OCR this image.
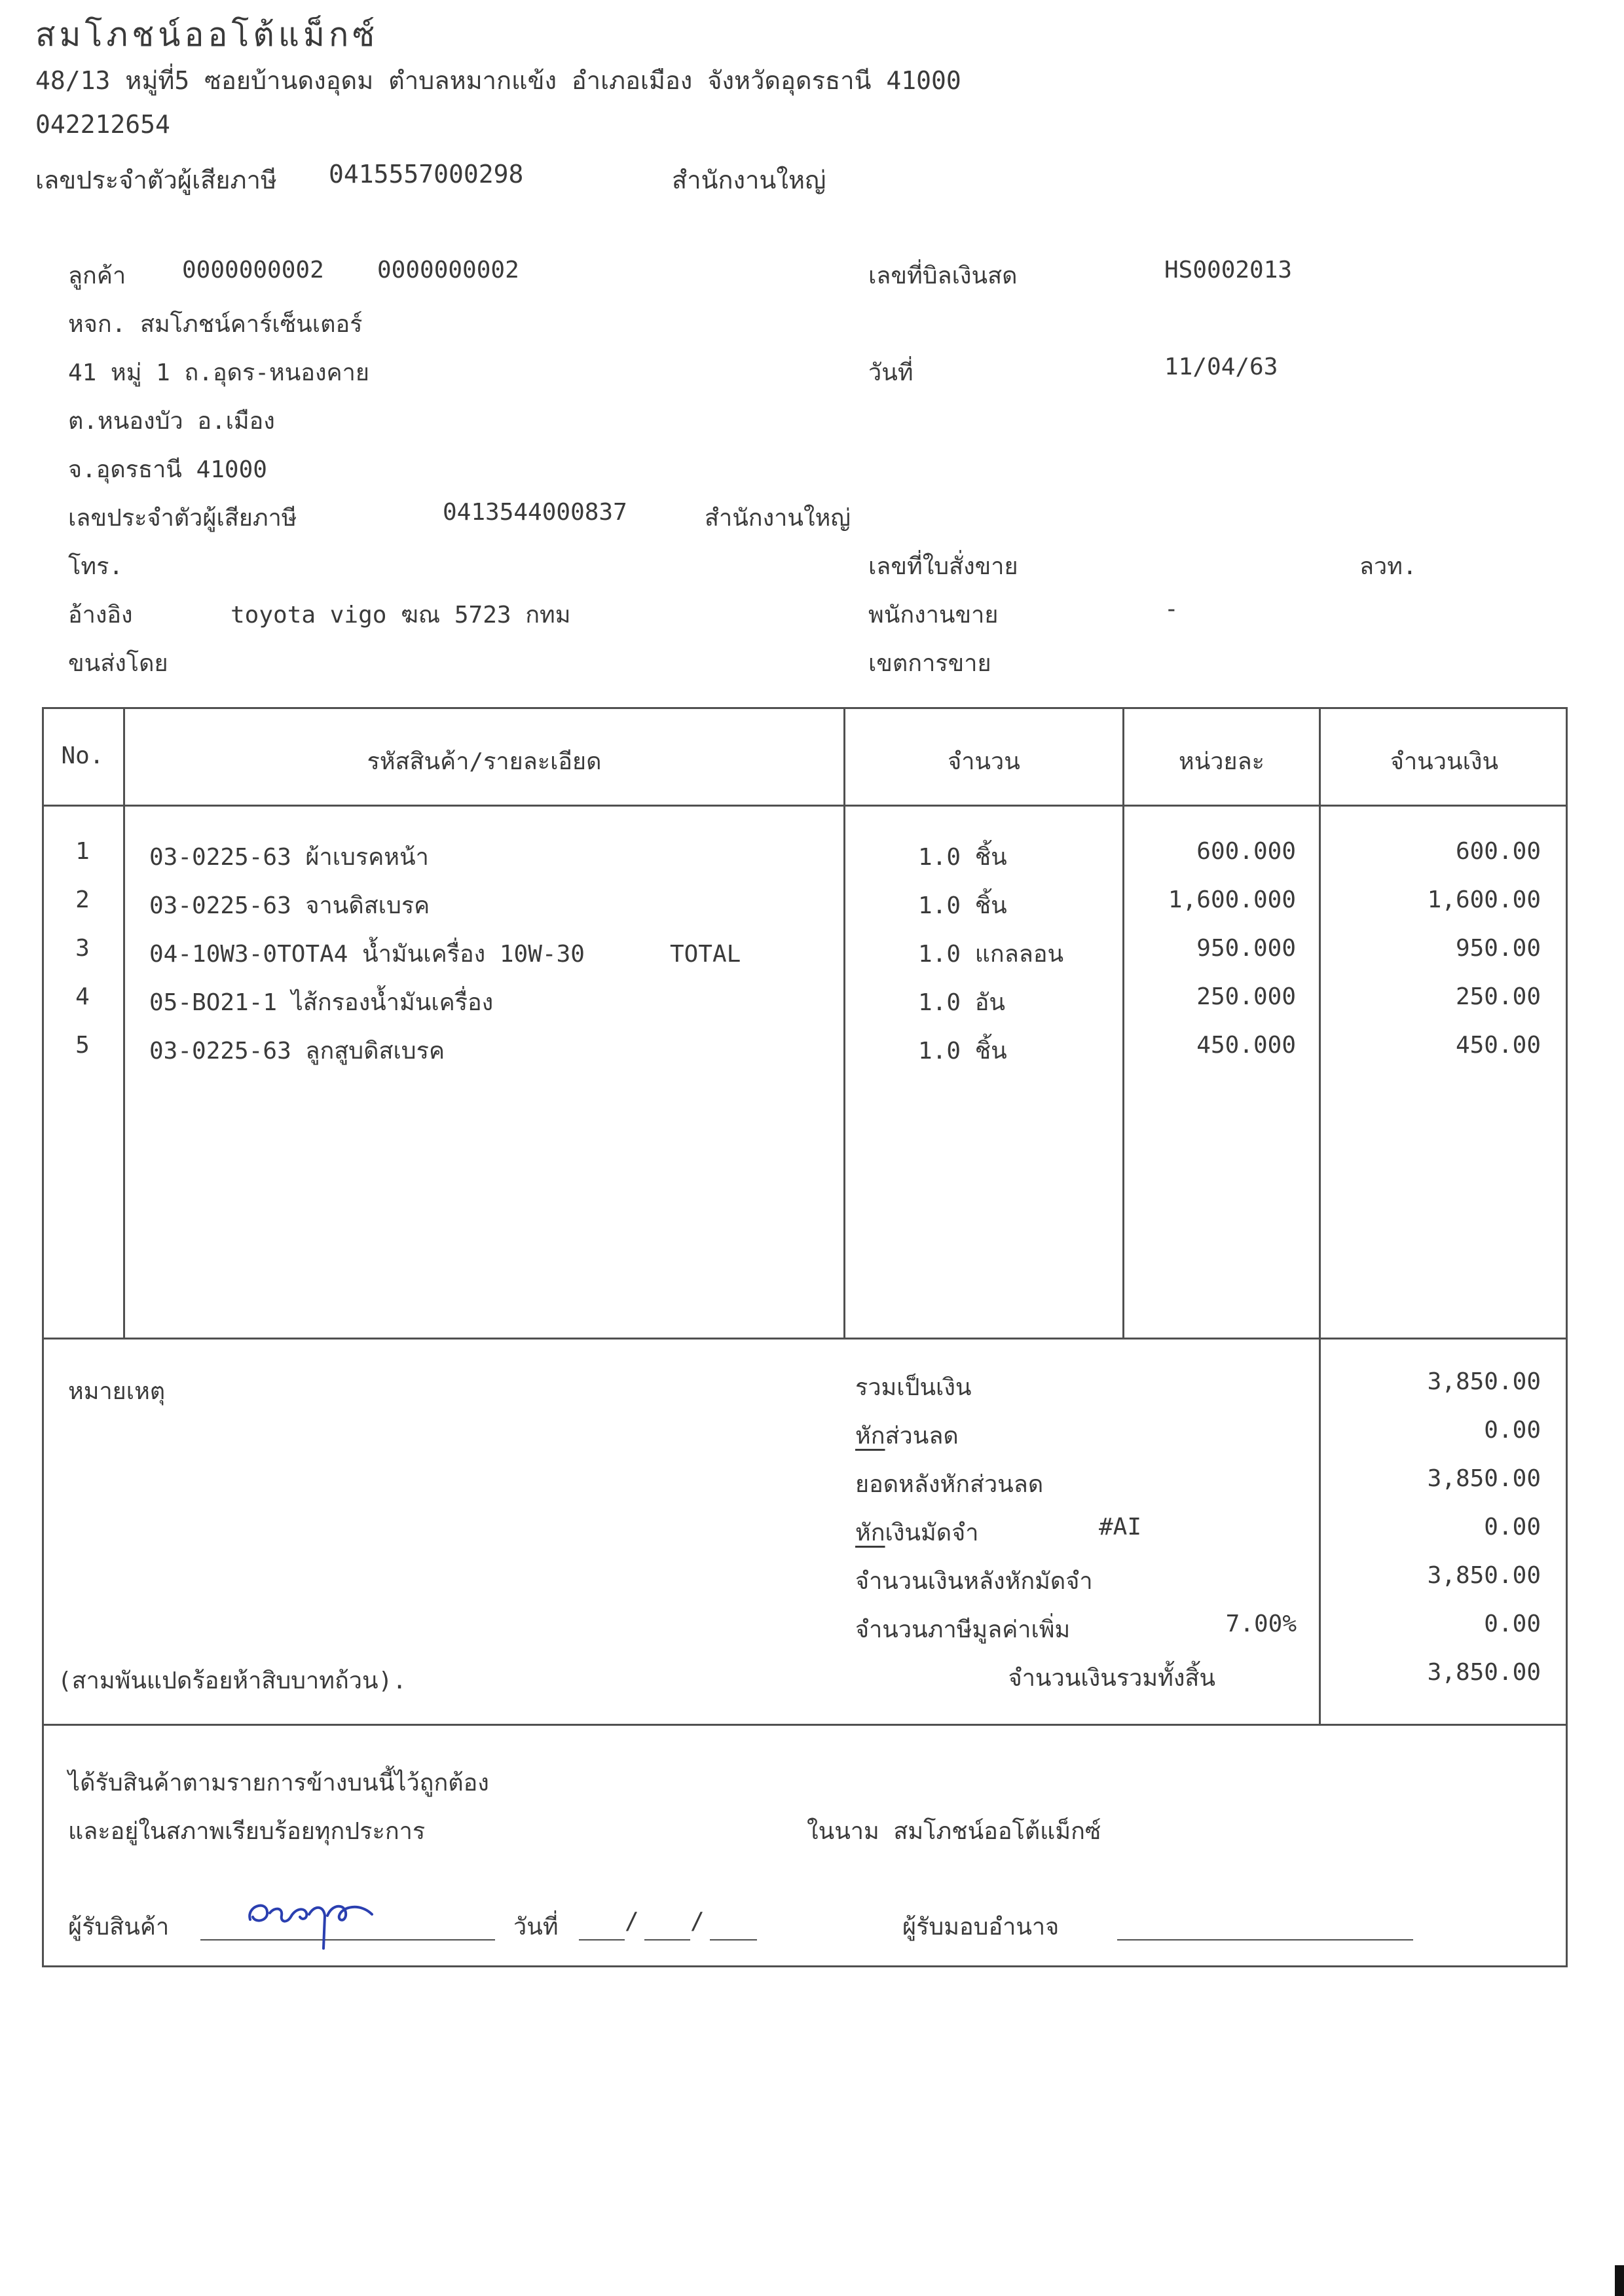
สมโภชน์ออโต้แม็กซ์
48/13 หมู่ที่5 ซอยบ้านดงอุดม ตำบลหมากแข้ง อำเภอเมือง จังหวัดอุดรธานี 41000
042212654
เลขประจำตัวผู้เสียภาษี 0415557000298	สำนักงานใหญ่
ลูกค้า 0000000002 0000000002
หจก. สมโภชน์คาร์เซ็นเตอร์
41 หมู่ 1 ถ.อุดร-หนองคาย
ต.หนองบัว อ.เมือง
จ.อุดรธานี 41000
เลขประจำตัวผู้เสียภาษี	0413544000837	สำนักงานใหญ่
โทร.
อ้างอิง	toyota vigo ฆณ 5723 กทม
ขนส่งโดย
เลขที่บิลเงินสด	HS0002013
วันที่	11/04/63
เลขที่ใบสั่งขาย	ลวท.
พนักงานขาย	-
เขตการขาย
No.	รหัสสินค้า/รายละเอียด	จำนวน	หน่วยละ	จำนวนเงิน
1	03-0225-63 ผ้าเบรคหน้า	1.0 ชิ้น	600.000	600.00
2	03-0225-63 จานดิสเบรค	1.0 ชิ้น	1,600.000	1,600.00
3	04-10W3-0TOTA4 น้ำมันเครื่อง 10W-30      TOTAL	1.0 แกลลอน	950.000	950.00
4	05-BO21-1 ไส้กรองน้ำมันเครื่อง	1.0 อัน	250.000	250.00
5	03-0225-63 ลูกสูบดิสเบรค	1.0 ชิ้น	450.000	450.00
หมายเหตุ	รวมเป็นเงิน	3,850.00
หักส่วนลด	0.00
ยอดหลังหักส่วนลด	3,850.00
หักเงินมัดจำ	#AI	0.00
จำนวนเงินหลังหักมัดจำ	3,850.00
จำนวนภาษีมูลค่าเพิ่ม	7.00%	0.00
(สามพันแปดร้อยห้าสิบบาทถ้วน).	จำนวนเงินรวมทั้งสิ้น	3,850.00
ได้รับสินค้าตามรายการข้างบนนี้ไว้ถูกต้อง
และอยู่ในสภาพเรียบร้อยทุกประการ	ในนาม สมโภชน์ออโต้แม็กซ์
ผู้รับสินค้า	วันที่	/ /	ผู้รับมอบอำนาจ
